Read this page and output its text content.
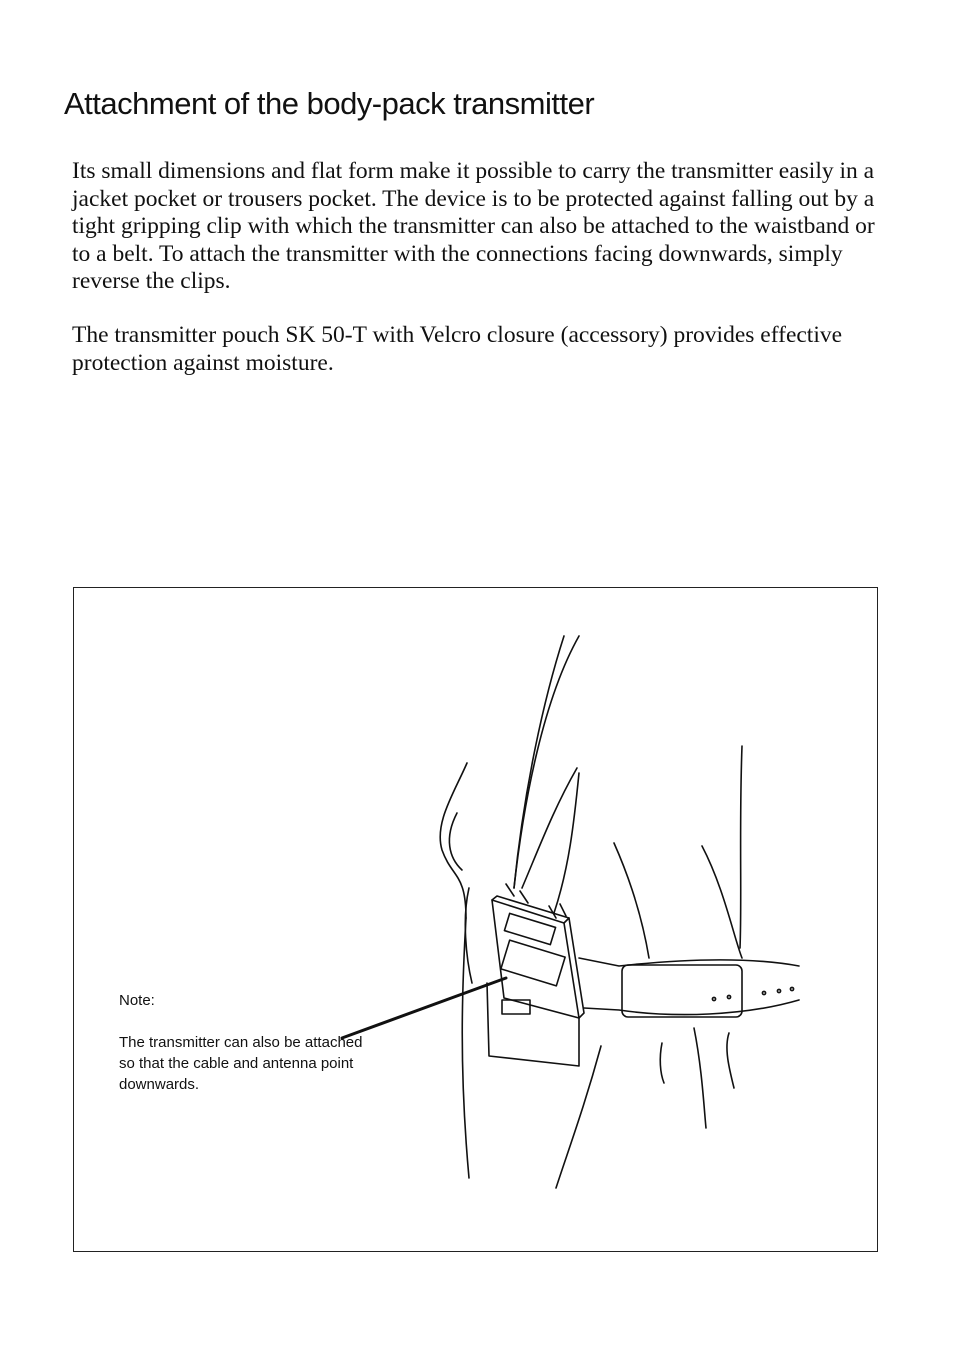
Attachment of the body-pack transmitter

Its small dimensions and flat form make it possible to carry the transmitter easily in a jacket pocket or trousers pocket. The device is to be protected against falling out by a tight gripping clip with which the transmitter can also be attached to the waistband or to a belt. To attach the transmitter with the connections facing downwards, simply reverse the clips.

The transmitter pouch SK 50-T with Velcro closure (accessory) provides effective protection against moisture.

Note:

The transmitter can also be attached so that the cable and antenna point downwards.
